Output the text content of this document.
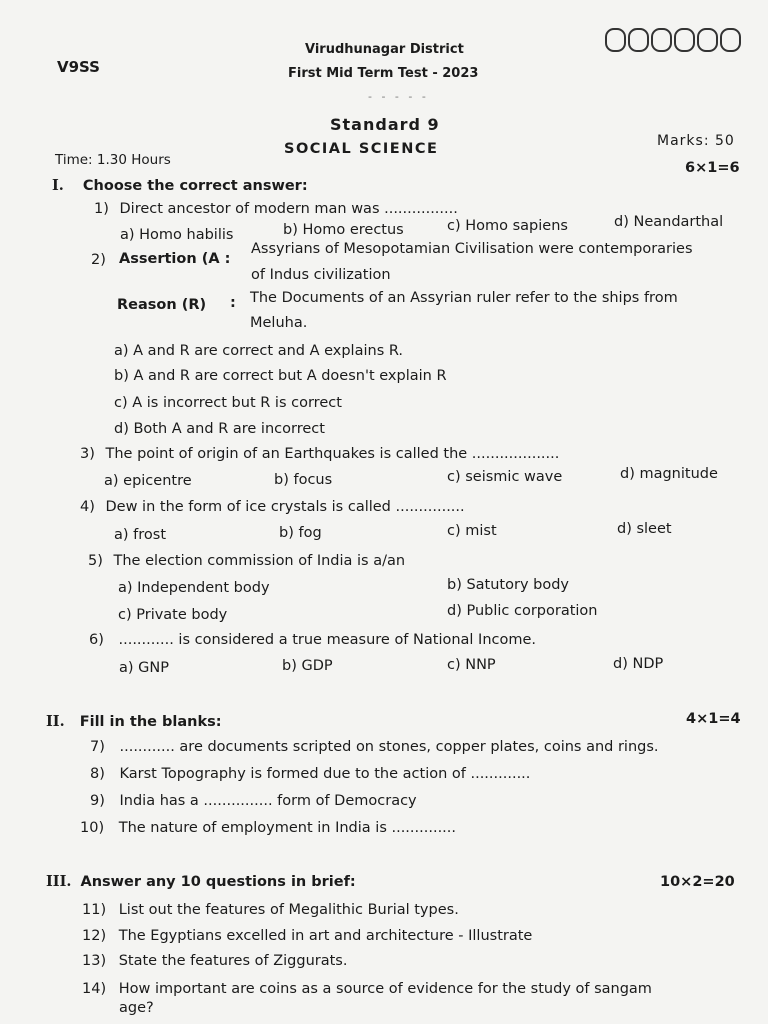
V9SS
Virudhunagar District
First Mid Term Test - 2023
- - - - -
Standard 9
SOCIAL SCIENCE
Time: 1.30 Hours
Marks: 50
I. Choose the correct answer:
6×1=6
1) Direct ancestor of modern man was ................
a) Homo habilis	b) Homo erectus	c) Homo sapiens	d) Neandarthal
2) Assertion (A :
Assyrians of Mesopotamian Civilisation were contemporaries
of Indus civilization
Reason (R) : The Documents of an Assyrian ruler refer to the ships from
Meluha.
a) A and R are correct and A explains R.
b) A and R are correct but A doesn't explain R
c) A is incorrect but R is correct
d) Both A and R are incorrect
3) The point of origin of an Earthquakes is called the ...................
a) epicentre	b) focus	c) seismic wave	d) magnitude
4) Dew in the form of ice crystals is called ...............
a) frost	b) fog	c) mist	d) sleet
5) The election commission of India is a/an
a) Independent body	b) Satutory body
c) Private body	d) Public corporation
6) ............ is considered a true measure of National Income.
a) GNP	b) GDP	c) NNP	d) NDP
II. Fill in the blanks:	4×1=4
7) ............ are documents scripted on stones, copper plates, coins and rings.
8) Karst Topography is formed due to the action of .............
9) India has a ............... form of Democracy
10) The nature of employment in India is ..............
III. Answer any 10 questions in brief:	10×2=20
11) List out the features of Megalithic Burial types.
12) The Egyptians excelled in art and architecture - Illustrate
13) State the features of Ziggurats.
14) How important are coins as a source of evidence for the study of sangam
age?
